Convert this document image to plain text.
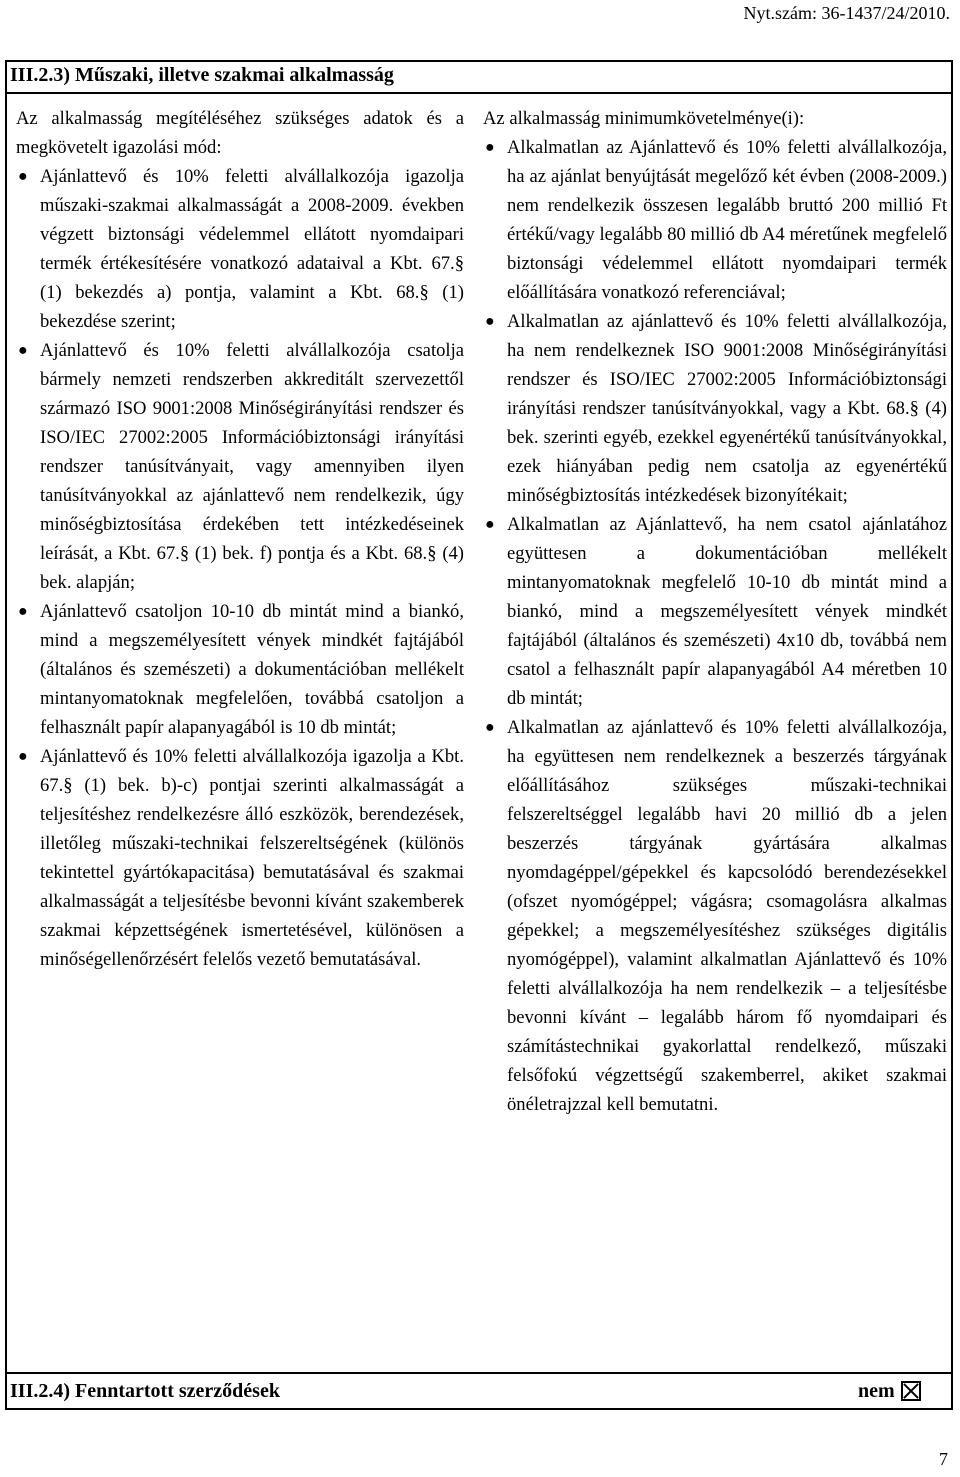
Nyt.szám: 36-1437/24/2010.
III.2.3) Műszaki, illetve szakmai alkalmasság

Az alkalmasság megítéléséhez szükséges adatok és a megkövetelt igazolási mód:

● Ajánlattevő és 10% feletti alvállalkozója igazolja műszaki-szakmai alkalmasságát a 2008-2009. években végzett biztonsági védelemmel ellátott nyomdaipari termék értékesítésére vonatkozó adataival a Kbt. 67.§ (1) bekezdés a) pontja, valamint a Kbt. 68.§ (1) bekezdése szerint;
● Ajánlattevő és 10% feletti alvállalkozója csatolja bármely nemzeti rendszerben akkreditált szervezettől származó ISO 9001:2008 Minőségirányítási rendszer és ISO/IEC 27002:2005 Információbiztonsági irányítási rendszer tanúsítványait, vagy amennyiben ilyen tanúsítványokkal az ajánlattevő nem rendelkezik, úgy minőségbiztosítása érdekében tett intézkedéseinek leírását, a Kbt. 67.§ (1) bek. f) pontja és a Kbt. 68.§ (4) bek. alapján;
● Ajánlattevő csatoljon 10-10 db mintát mind a biankó, mind a megszemélyesített vények mindkét fajtájából (általános és szemészeti) a dokumentációban mellékelt mintanyomatoknak megfelelően, továbbá csatoljon a felhasznált papír alapanyagából is 10 db mintát;
● Ajánlattevő és 10% feletti alvállalkozója igazolja a Kbt. 67.§ (1) bek. b)-c) pontjai szerinti alkalmasságát a teljesítéshez rendelkezésre álló eszközök, berendezések, illetőleg műszaki-technikai felszereltségének (különös tekintettel gyártókapacitása) bemutatásával és szakmai alkalmasságát a teljesítésbe bevonni kívánt szakemberek szakmai képzettségének ismertetésével, különösen a minőségellenőrzésért felelős vezető bemutatásával.

Az alkalmasság minimumkövetelménye(i):

● Alkalmatlan az Ajánlattevő és 10% feletti alvállalkozója, ha az ajánlat benyújtását megelőző két évben (2008-2009.) nem rendelkezik összesen legalább bruttó 200 millió Ft értékű/vagy legalább 80 millió db A4 méretűnek megfelelő biztonsági védelemmel ellátott nyomdaipari termék előállítására vonatkozó referenciával;
● Alkalmatlan az ajánlattevő és 10% feletti alvállalkozója, ha nem rendelkeznek ISO 9001:2008 Minőségirányítási rendszer és ISO/IEC 27002:2005 Információbiztonsági irányítási rendszer tanúsítványokkal, vagy a Kbt. 68.§ (4) bek. szerinti egyéb, ezekkel egyenértékű tanúsítványokkal, ezek hiányában pedig nem csatolja az egyenértékű minőségbiztosítás intézkedések bizonyítékait;
● Alkalmatlan az Ajánlattevő, ha nem csatol ajánlatához együttesen a dokumentációban mellékelt mintanyomatoknak megfelelő 10-10 db mintát mind a biankó, mind a megszemélyesített vények mindkét fajtájából (általános és szemészeti) 4x10 db, továbbá nem csatol a felhasznált papír alapanyagából A4 méretben 10 db mintát;
● Alkalmatlan az ajánlattevő és 10% feletti alvállalkozója, ha együttesen nem rendelkeznek a beszerzés tárgyának előállításához szükséges műszaki-technikai felszereltséggel legalább havi 20 millió db a jelen beszerzés tárgyának gyártására alkalmas nyomdagéppel/gépekkel és kapcsolódó berendezésekkel (ofszet nyomógéppel; vágásra; csomagolásra alkalmas gépekkel; a megszemélyesítéshez szükséges digitális nyomógéppel), valamint alkalmatlan Ajánlattevő és 10% feletti alvállalkozója ha nem rendelkezik – a teljesítésbe bevonni kívánt – legalább három fő nyomdaipari és számítástechnikai gyakorlattal rendelkező, műszaki felsőfokú végzettségű szakemberrel, akiket szakmai önéletrajzzal kell bemutatni.
III.2.4) Fenntartott szerződések	nem
7
